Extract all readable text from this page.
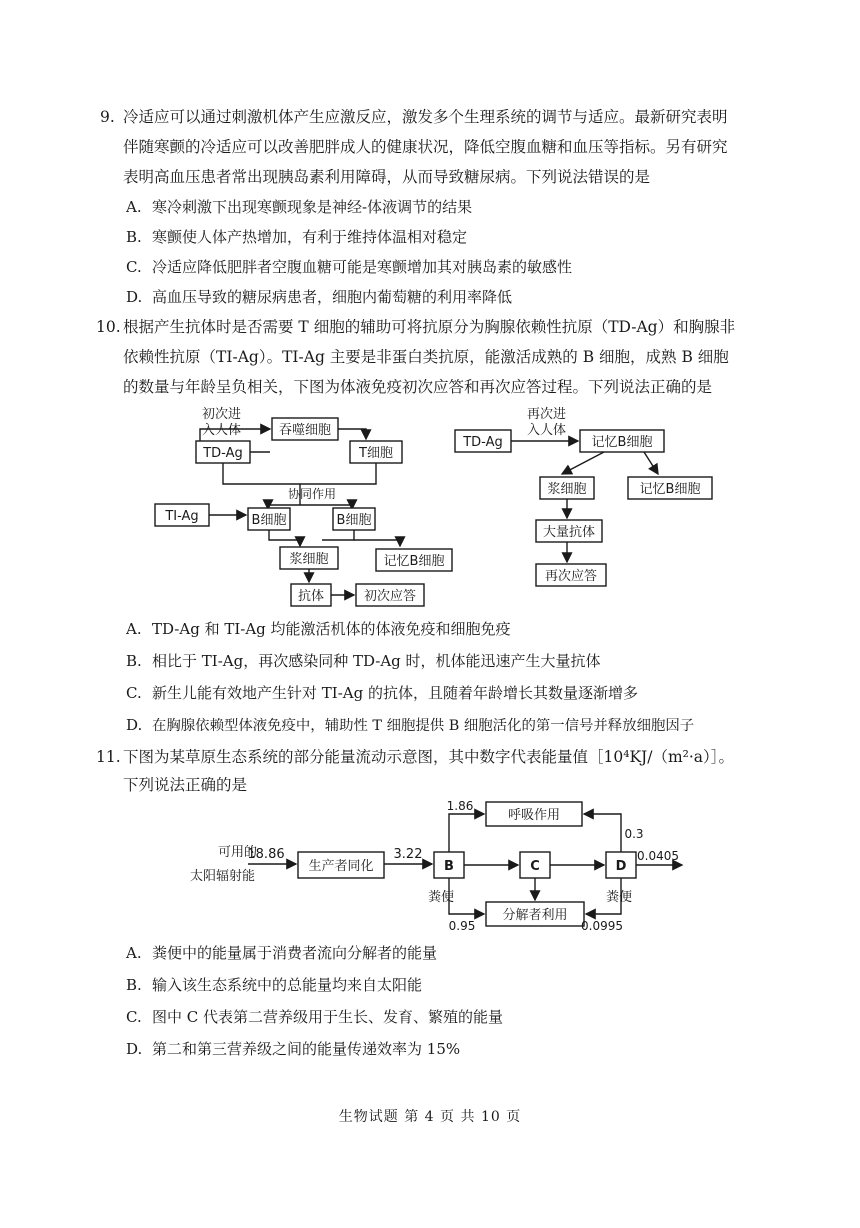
9. 冷适应可以通过刺激机体产生应激反应，激发多个生理系统的调节与适应。最新研究表明
伴随寒颤的冷适应可以改善肥胖成人的健康状况，降低空腹血糖和血压等指标。另有研究
表明高血压患者常出现胰岛素利用障碍，从而导致糖尿病。下列说法错误的是
A. 寒冷刺激下出现寒颤现象是神经-体液调节的结果
B. 寒颤使人体产热增加，有利于维持体温相对稳定
C. 冷适应降低肥胖者空腹血糖可能是寒颤增加其对胰岛素的敏感性
D. 高血压导致的糖尿病患者，细胞内葡萄糖的利用率降低
10. 根据产生抗体时是否需要 T 细胞的辅助可将抗原分为胸腺依赖性抗原（TD-Ag）和胸腺非
依赖性抗原（TI-Ag）。TI-Ag 主要是非蛋白类抗原，能激活成熟的 B 细胞，成熟 B 细胞
的数量与年龄呈负相关，下图为体液免疫初次应答和再次应答过程。下列说法正确的是
初次进
入人体
TD-Ag
吞噬细胞
T细胞
协同作用
TI-Ag	B细胞	B细胞
浆细胞	记忆B细胞
抗体	初次应答
再次进
入人体
TD-Ag	记忆B细胞
浆细胞	记忆B细胞
大量抗体
再次应答
可用的
太阳辐射能
18.86
生产者同化
3.22
B
1.86
呼吸作用
C	D
0.3
0.0405
分解者利用
粪便
0.95
粪便
0.0995
A. TD-Ag 和 TI-Ag 均能激活机体的体液免疫和细胞免疫
B. 相比于 TI-Ag，再次感染同种 TD-Ag 时，机体能迅速产生大量抗体
C. 新生儿能有效地产生针对 TI-Ag 的抗体，且随着年龄增长其数量逐渐增多
D. 在胸腺依赖型体液免疫中，辅助性 T 细胞提供 B 细胞活化的第一信号并释放细胞因子
11. 下图为某草原生态系统的部分能量流动示意图，其中数字代表能量值［10⁴KJ/（m²·a）］。
下列说法正确的是
A. 粪便中的能量属于消费者流向分解者的能量
B. 输入该生态系统中的总能量均来自太阳能
C. 图中 C 代表第二营养级用于生长、发育、繁殖的能量
D. 第二和第三营养级之间的能量传递效率为 15%
生物试题 第 4 页 共 10 页
